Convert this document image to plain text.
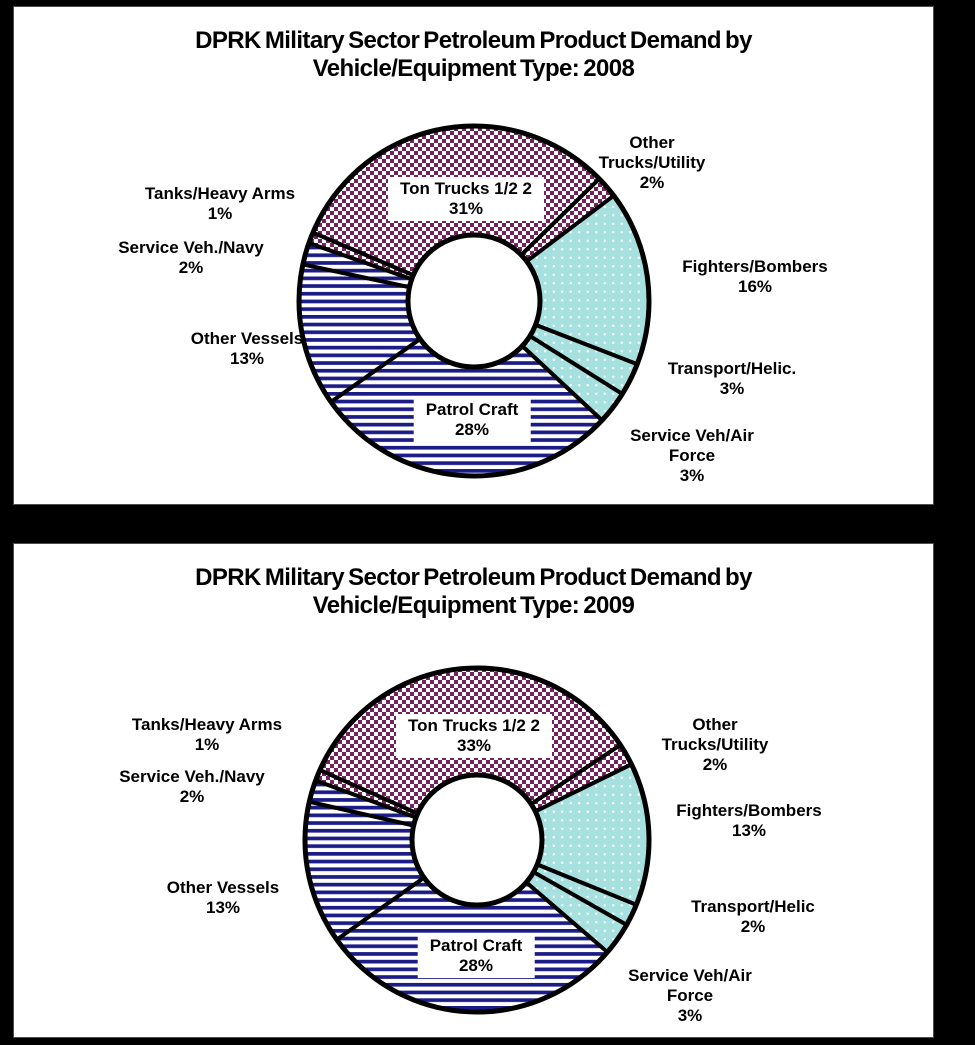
DPRK Military Sector Petroleum Product Demand by
Vehicle/Equipment Type: 2008
Tanks/Heavy Arms
1%
Service Veh./Navy
2%
Other Vessels
13%
Ton Trucks 1/2 2
31%
Other Trucks/Utility
2%
Fighters/Bombers
16%
Transport/Helic.
3%
Service Veh/Air Force
3%
Patrol Craft
28%
DPRK Military Sector Petroleum Product Demand by
Vehicle/Equipment Type: 2009
Tanks/Heavy Arms
1%
Service Veh./Navy
2%
Other Vessels
13%
Ton Trucks 1/2 2
33%
Other Trucks/Utility
2%
Fighters/Bombers
13%
Transport/Helic
2%
Service Veh/Air Force
3%
Patrol Craft
28%
